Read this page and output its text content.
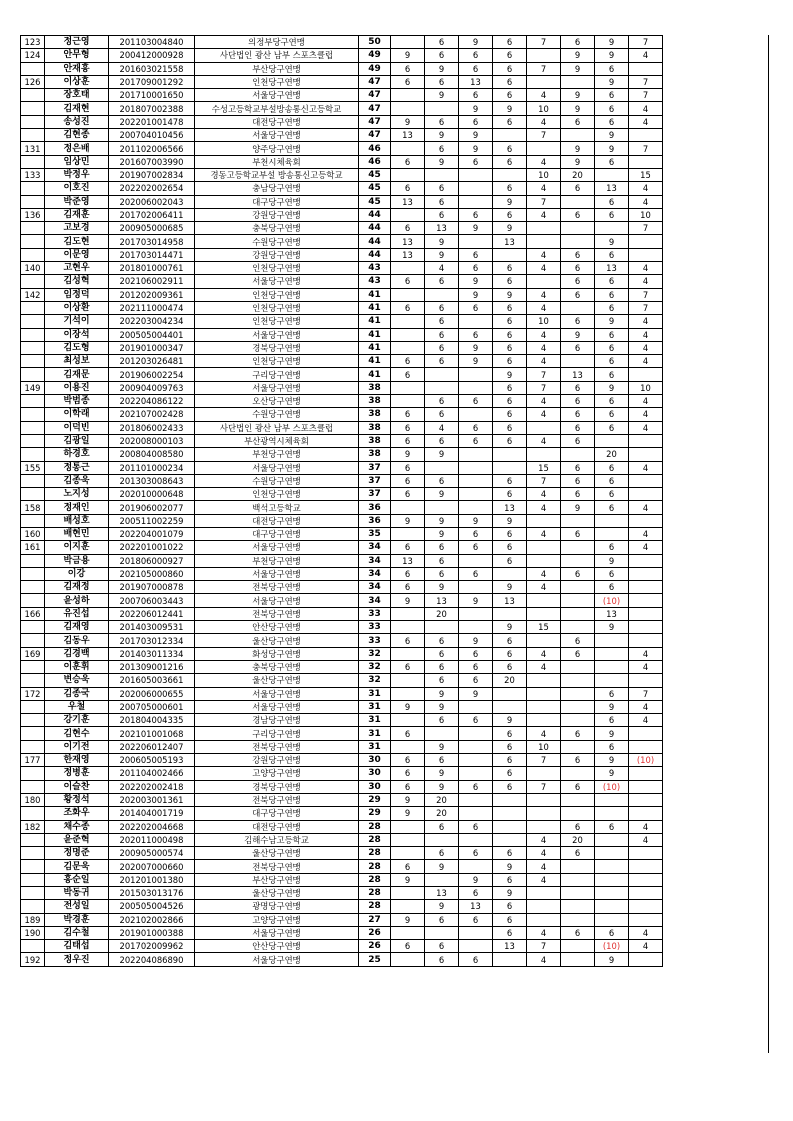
123	정근영	201103004840	의정부당구연맹	50		6	9	6	7	6	9	7
124	안무형	200412000928	사단법인 광산 남부 스포츠클럽	49	9	6	6	6		9	9	4
	안재흥	201603021558	부산당구연맹	49	6	9	6	6	7	9	6	
126	이상훈	201709001292	인천당구연맹	47	6	6	13	6			9	7
	장호태	201710001650	서울당구연맹	47		9	6	6	4	9	6	7
	김재현	201807002388	수성고등학교부설방송통신고등학교	47			9	9	10	9	6	4
	송성진	202201001478	대전당구연맹	47	9	6	6	6	4	6	6	4
	김현종	200704010456	서울당구연맹	47	13	9	9		7		9	
131	정은배	201102006566	양주당구연맹	46		6	9	6		9	9	7
	임상민	201607003990	부천시체육회	46	6	9	6	6	4	9	6	
133	박정우	201907002834	경동고등학교부설 방송통신고등학교	45					10	20		15
	이호진	202202002654	충남당구연맹	45	6	6		6	4	6	13	4
	박준영	202006002043	대구당구연맹	45	13	6		9	7		6	4
136	김재훈	201702006411	강원당구연맹	44		6	6	6	4	6	6	10
	고보경	200905000685	충북당구연맹	44	6	13	9	9				7
	김도현	201703014958	수원당구연맹	44	13	9		13			9	
	이문영	201703014471	강원당구연맹	44	13	9	6		4	6	6	
140	고현우	201801000761	인천당구연맹	43		4	6	6	4	6	13	4
	김성혁	202106002911	서울당구연맹	43	6	6	9	6		6	6	4
142	임정덕	201202009361	인천당구연맹	41			9	9	4	6	6	7
	이상환	202111000474	인천당구연맹	41	6	6	6	6	4		6	7
	기석이	202203004234	인천당구연맹	41		6		6	10	6	9	4
	이장석	200505004401	서울당구연맹	41		6	6	6	4	9	6	4
	김도형	201901000347	경북당구연맹	41		6	9	6	4	6	6	4
	최성보	201203026481	인천당구연맹	41	6	6	9	6	4		6	4
	김재문	201906002254	구리당구연맹	41	6			9	7	13	6	
149	이용진	200904009763	서울당구연맹	38				6	7	6	9	10
	박범종	202204086122	오산당구연맹	38		6	6	6	4	6	6	4
	이학래	202107002428	수원당구연맹	38	6	6		6	4	6	6	4
	이덕빈	201806002433	사단법인 광산 남부 스포츠클럽	38	6	4	6	6		6	6	4
	김광일	202008000103	부산광역시체육회	38	6	6	6	6	4	6		
	하경호	200804008580	부천당구연맹	38	9	9					20	
155	정통근	201101000234	서울당구연맹	37	6				15	6	6	4
	김종욱	201303008643	수원당구연맹	37	6	6		6	7	6	6	
	노지성	202010000648	인천당구연맹	37	6	9		6	4	6	6	
158	정재인	201906002077	백석고등학교	36				13	4	9	6	4
	배성호	200511002259	대전당구연맹	36	9	9	9	9				
160	배현민	202204001079	대구당구연맹	35		9	6	6	4	6		4
161	이지훈	202201001022	서울당구연맹	34	6	6	6	6			6	4
	박금용	201806000927	부천당구연맹	34	13	6		6			9	
	이강	202105000860	서울당구연맹	34	6	6	6		4	6	6	
	김재정	201907000878	전북당구연맹	34	6	9		9	4		6	
	윤성하	200706003443	서울당구연맹	34	9	13	9	13			(10)	
166	유진섭	202206012441	전북당구연맹	33		20					13	
	김재영	201403009531	안산당구연맹	33				9	15		9	
	김동우	201703012334	울산당구연맹	33	6	6	9	6		6		
169	김경백	201403011334	화성당구연맹	32		6	6	6	4	6		4
	이훈휘	201309001216	충북당구연맹	32	6	6	6	6	4			4
	변승욱	201605003661	울산당구연맹	32		6	6	20				
172	김종국	202006000655	서울당구연맹	31		9	9				6	7
	우철	200705000601	서울당구연맹	31	9	9					9	4
	강기훈	201804004335	경남당구연맹	31		6	6	9			6	4
	김현수	202101001068	구리당구연맹	31	6			6	4	6	9	
	이기전	202206012407	전북당구연맹	31		9		6	10		6	
177	한재영	200605005193	강원당구연맹	30	6	6		6	7	6	9	(10)
	정병훈	201104002466	고양당구연맹	30	6	9		6			9	
	이슬찬	202202002418	경북당구연맹	30	6	9	6	6	7	6	(10)	
180	황정석	202003001361	전북당구연맹	29	9	20						
	조화우	201404001719	대구당구연맹	29	9	20						
182	채수종	202202004668	대전당구연맹	28		6	6			6	6	4
	윤준혁	202011000498	김해수남고등학교	28					4	20		4
	정명준	200905000574	울산당구연맹	28		6	6	6	4	6		
	김문욱	202007000660	전북당구연맹	28	6	9		9	4			
	홍순일	201201001380	부산당구연맹	28	9		9	6	4			
	박동귀	201503013176	울산당구연맹	28		13	6	9				
	전성일	200505004526	광명당구연맹	28		9	13	6				
189	박경훈	202102002866	고양당구연맹	27	9	6	6	6				
190	김수철	201901000388	서울당구연맹	26				6	4	6	6	4
	김태섭	201702009962	안산당구연맹	26	6	6		13	7		(10)	4
192	정우진	202204086890	서울당구연맹	25		6	6		4		9	
